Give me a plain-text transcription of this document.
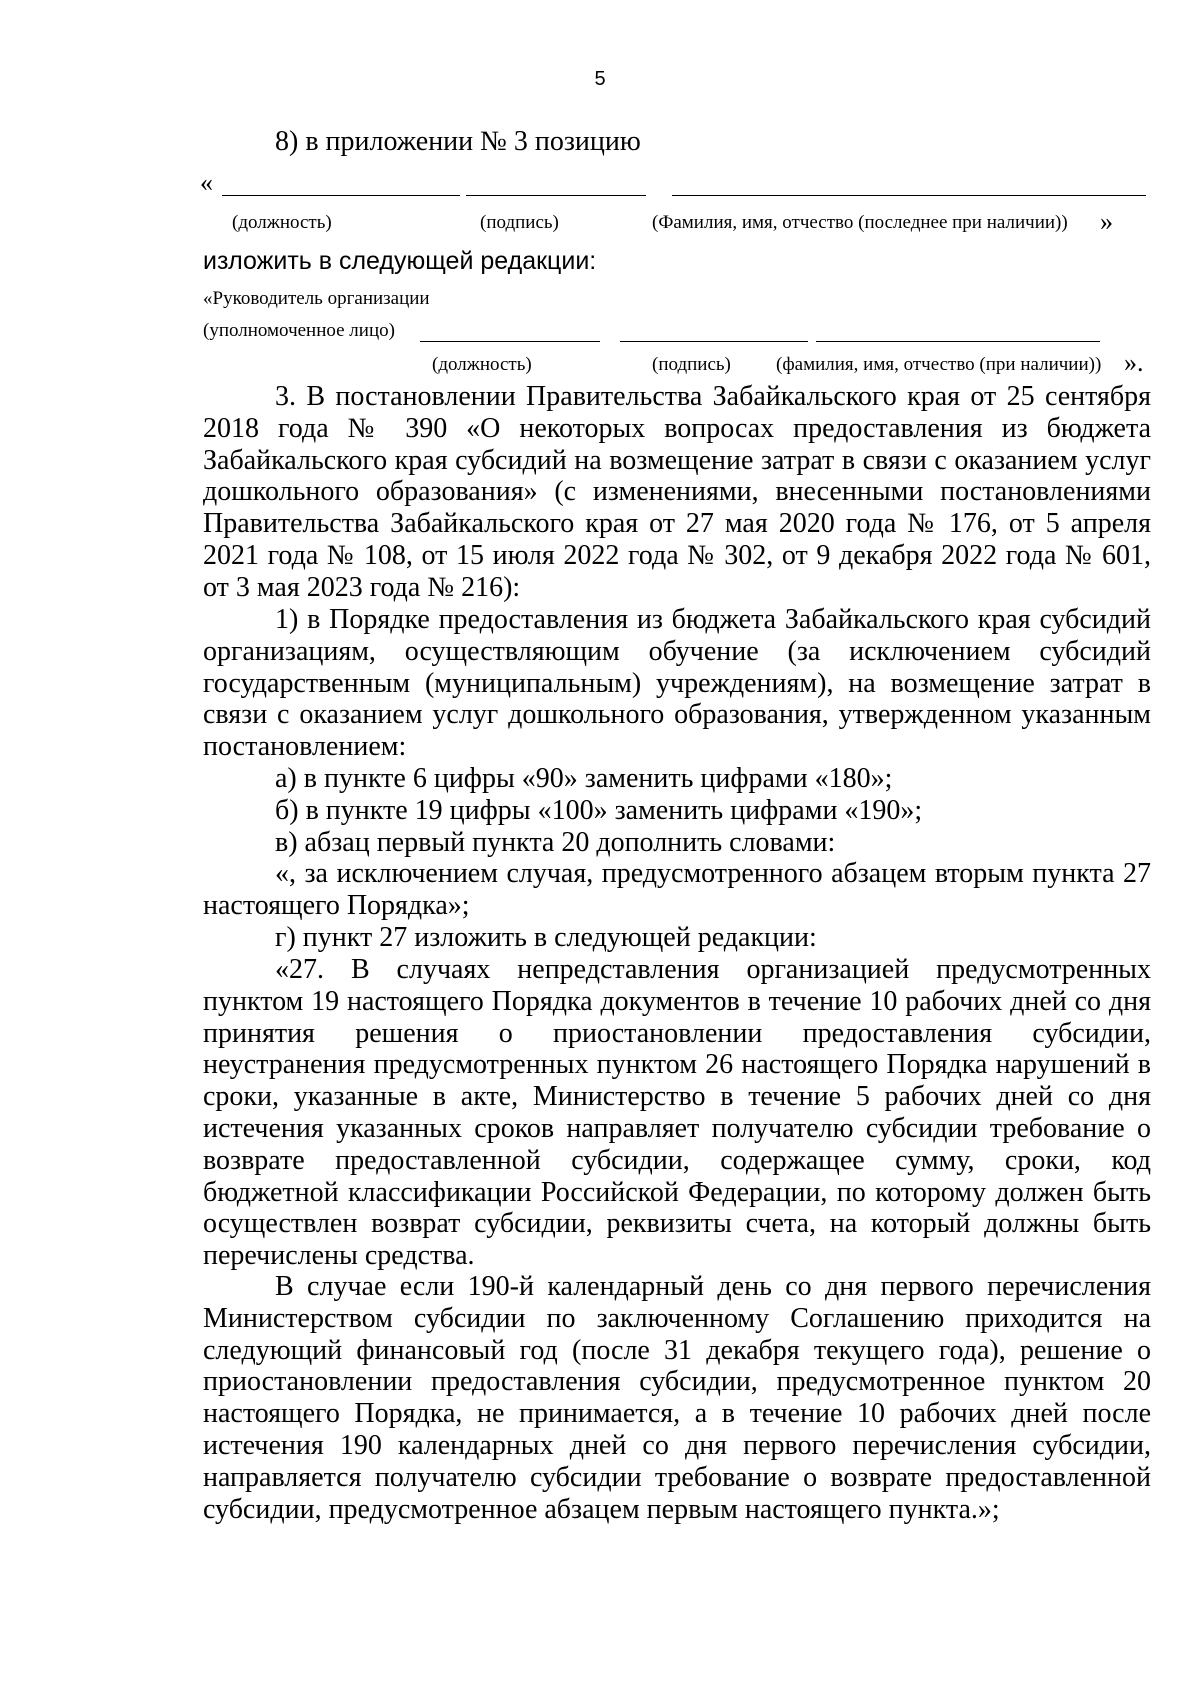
5

8) в приложении № 3 позицию

«
(должность)	(подпись)	(Фамилия, имя, отчество (последнее при наличии)) »

изложить в следующей редакции:

«Руководитель организации
(уполномоченное лицо)
(должность)	(подпись) (фамилия, имя, отчество (при наличии)) ».

3. В постановлении Правительства Забайкальского края от 25 сентября 2018 года № 390 «О некоторых вопросах предоставления из бюджета Забайкальского края субсидий на возмещение затрат в связи с оказанием услуг дошкольного образования» (с изменениями, внесенными постановлениями Правительства Забайкальского края от 27 мая 2020 года № 176, от 5 апреля 2021 года № 108, от 15 июля 2022 года № 302, от 9 декабря 2022 года № 601, от 3 мая 2023 года № 216):

1) в Порядке предоставления из бюджета Забайкальского края субсидий организациям, осуществляющим обучение (за исключением субсидий государственным (муниципальным) учреждениям), на возмещение затрат в связи с оказанием услуг дошкольного образования, утвержденном указанным постановлением:

а) в пункте 6 цифры «90» заменить цифрами «180»;

б) в пункте 19 цифры «100» заменить цифрами «190»;

в) абзац первый пункта 20 дополнить словами:

«, за исключением случая, предусмотренного абзацем вторым пункта 27 настоящего Порядка»;

г) пункт 27 изложить в следующей редакции:

«27. В случаях непредставления организацией предусмотренных пунктом 19 настоящего Порядка документов в течение 10 рабочих дней со дня принятия решения о приостановлении предоставления субсидии, неустранения предусмотренных пунктом 26 настоящего Порядка нарушений в сроки, указанные в акте, Министерство в течение 5 рабочих дней со дня истечения указанных сроков направляет получателю субсидии требование о возврате предоставленной субсидии, содержащее сумму, сроки, код бюджетной классификации Российской Федерации, по которому должен быть осуществлен возврат субсидии, реквизиты счета, на который должны быть перечислены средства.

В случае если 190-й календарный день со дня первого перечисления Министерством субсидии по заключенному Соглашению приходится на следующий финансовый год (после 31 декабря текущего года), решение о приостановлении предоставления субсидии, предусмотренное пунктом 20 настоящего Порядка, не принимается, а в течение 10 рабочих дней после истечения 190 календарных дней со дня первого перечисления субсидии, направляется получателю субсидии требование о возврате предоставленной субсидии, предусмотренное абзацем первым настоящего пункта.»;
